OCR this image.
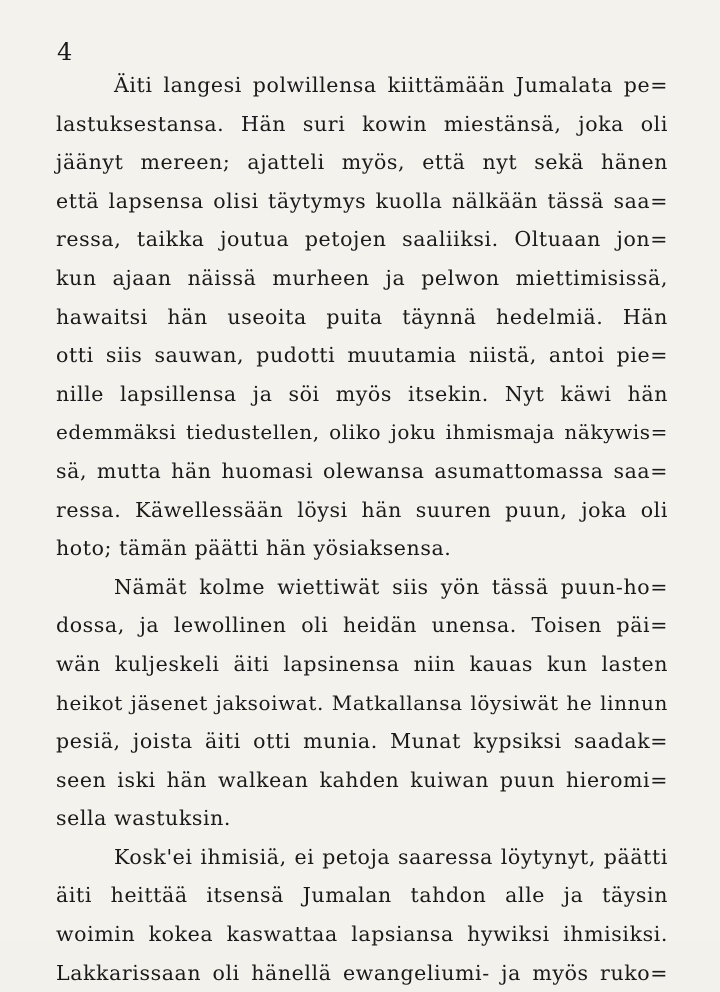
4
Äiti langesi polwillensa kiittämään Jumalata pe=
lastuksestansa. Hän suri kowin miestänsä, joka oli
jäänyt mereen; ajatteli myös, että nyt sekä hänen
että lapsensa olisi täytymys kuolla nälkään tässä saa=
ressa, taikka joutua petojen saaliiksi. Oltuaan jon=
kun ajaan näissä murheen ja pelwon miettimisissä,
hawaitsi hän useoita puita täynnä hedelmiä. Hän
otti siis sauwan, pudotti muutamia niistä, antoi pie=
nille lapsillensa ja söi myös itsekin. Nyt käwi hän
edemmäksi tiedustellen, oliko joku ihmismaja näkywis=
sä, mutta hän huomasi olewansa asumattomassa saa=
ressa. Käwellessään löysi hän suuren puun, joka oli
hoto; tämän päätti hän yösiaksensa.
Nämät kolme wiettiwät siis yön tässä puun-ho=
dossa, ja lewollinen oli heidän unensa. Toisen päi=
wän kuljeskeli äiti lapsinensa niin kauas kun lasten
heikot jäsenet jaksoiwat. Matkallansa löysiwät he linnun
pesiä, joista äiti otti munia. Munat kypsiksi saadak=
seen iski hän walkean kahden kuiwan puun hieromi=
sella wastuksin.
Kosk'ei ihmisiä, ei petoja saaressa löytynyt, päätti
äiti heittää itsensä Jumalan tahdon alle ja täysin
woimin kokea kaswattaa lapsiansa hywiksi ihmisiksi.
Lakkarissaan oli hänellä ewangeliumi- ja myös ruko=
